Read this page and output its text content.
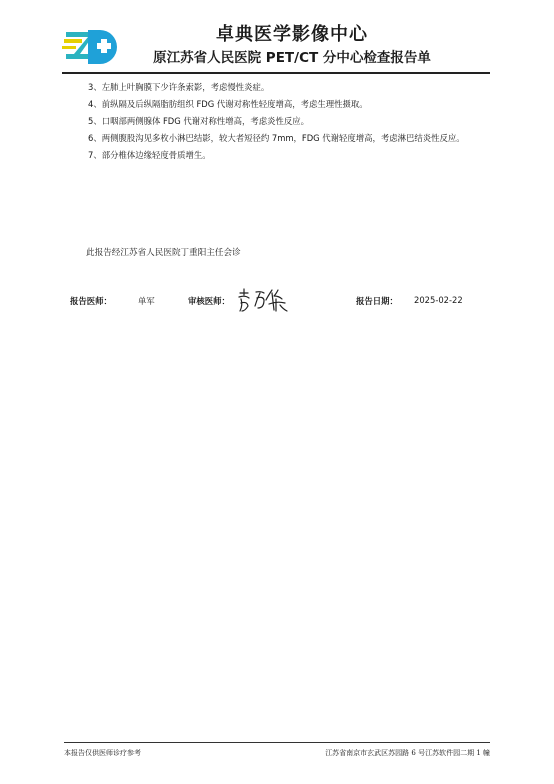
卓典医学影像中心
原江苏省人民医院 PET/CT 分中心检查报告单

3、左肺上叶胸膜下少许条索影，考虑慢性炎症。

4、前纵隔及后纵隔脂肪组织 FDG 代谢对称性轻度增高，考虑生理性摄取。

5、口咽部两侧腺体 FDG 代谢对称性增高，考虑炎性反应。

6、两侧腹股沟见多枚小淋巴结影，较大者短径约 7mm，FDG 代谢轻度增高，考虑淋巴结炎性反应。

7、部分椎体边缘轻度骨质增生。

此报告经江苏省人民医院丁重阳主任会诊
报告医师：	单军	审核医师：	报告日期： 2025-02-22
本报告仅供医师诊疗参考	江苏省南京市玄武区苏园路 6 号江苏软件园二期 1 幢
